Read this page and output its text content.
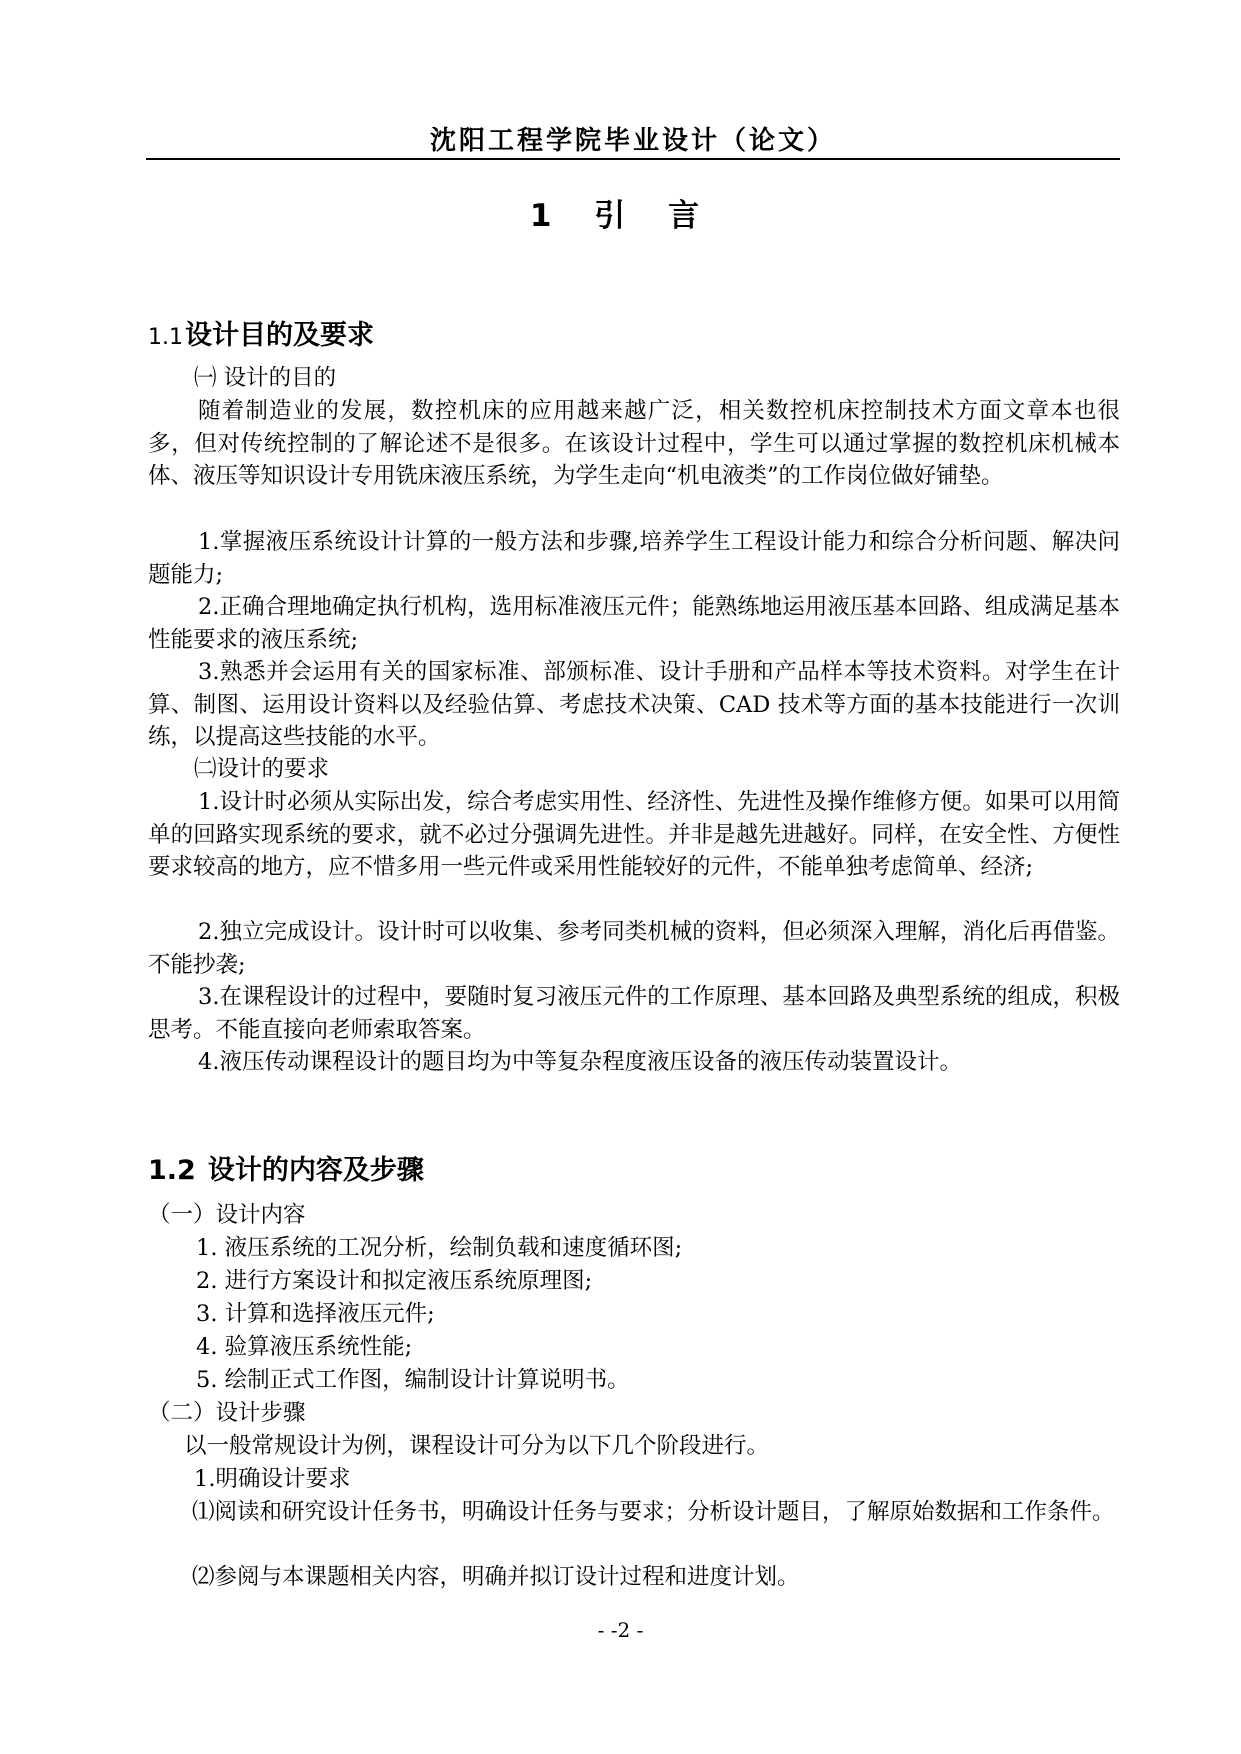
沈阳工程学院毕业设计（论文）
1 引 言
1.1设计目的及要求
㈠ 设计的目的
随着制造业的发展，数控机床的应用越来越广泛，相关数控机床控制技术方面文章本也很多，但对传统控制的了解论述不是很多。在该设计过程中，学生可以通过掌握的数控机床机械本体、液压等知识设计专用铣床液压系统，为学生走向“机电液类”的工作岗位做好铺垫。
1.掌握液压系统设计计算的一般方法和步骤,培养学生工程设计能力和综合分析问题、解决问题能力;
2.正确合理地确定执行机构，选用标准液压元件；能熟练地运用液压基本回路、组成满足基本性能要求的液压系统;
3.熟悉并会运用有关的国家标准、部颁标准、设计手册和产品样本等技术资料。对学生在计算、制图、运用设计资料以及经验估算、考虑技术决策、CAD 技术等方面的基本技能进行一次训练，以提高这些技能的水平。
㈡设计的要求
1.设计时必须从实际出发，综合考虑实用性、经济性、先进性及操作维修方便。如果可以用简单的回路实现系统的要求，就不必过分强调先进性。并非是越先进越好。同样，在安全性、方便性要求较高的地方，应不惜多用一些元件或采用性能较好的元件，不能单独考虑简单、经济;
2.独立完成设计。设计时可以收集、参考同类机械的资料，但必须深入理解，消化后再借鉴。不能抄袭;
3.在课程设计的过程中，要随时复习液压元件的工作原理、基本回路及典型系统的组成，积极思考。不能直接向老师索取答案。
4.液压传动课程设计的题目均为中等复杂程度液压设备的液压传动装置设计。
1.2 设计的内容及步骤
（一）设计内容
1. 液压系统的工况分析，绘制负载和速度循环图;
2. 进行方案设计和拟定液压系统原理图;
3. 计算和选择液压元件;
4. 验算液压系统性能;
5. 绘制正式工作图，编制设计计算说明书。
（二）设计步骤
以一般常规设计为例，课程设计可分为以下几个阶段进行。
1.明确设计要求
⑴阅读和研究设计任务书，明确设计任务与要求；分析设计题目，了解原始数据和工作条件。
⑵参阅与本课题相关内容，明确并拟订设计过程和进度计划。
- -2 -
